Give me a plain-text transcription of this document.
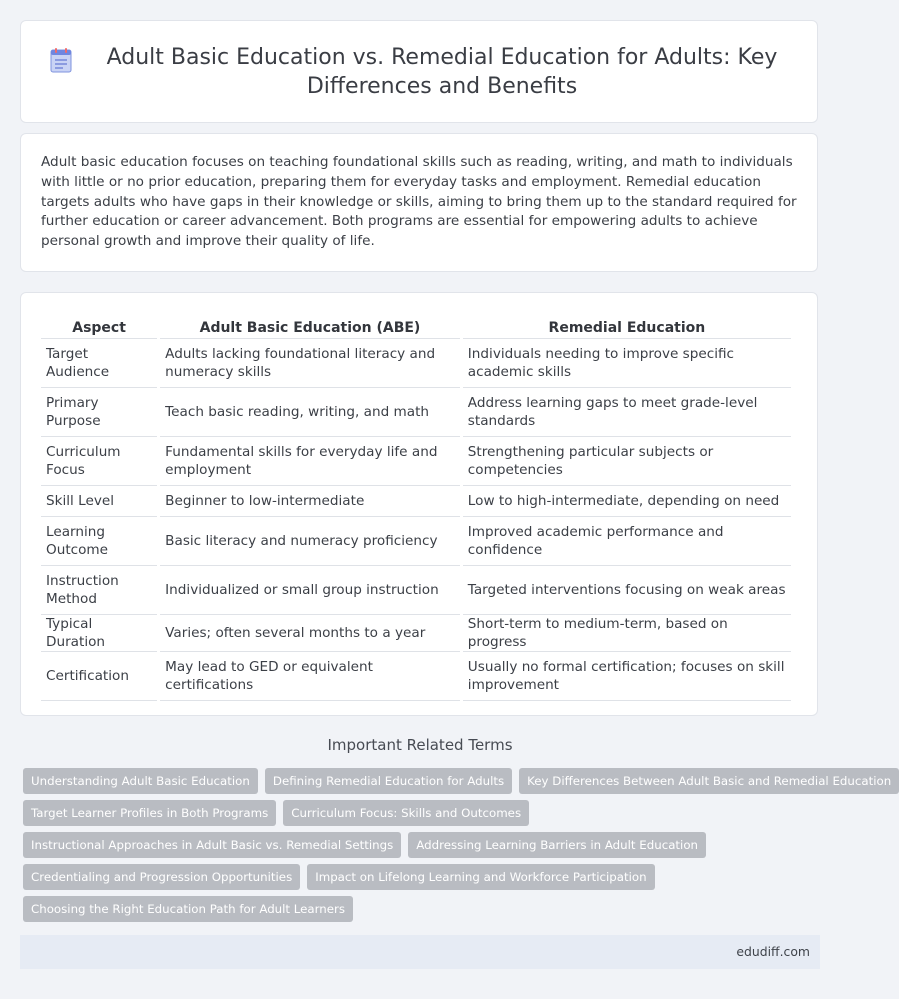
Adult Basic Education vs. Remedial Education for Adults: Key Differences and Benefits

Adult basic education focuses on teaching foundational skills such as reading, writing, and math to individuals with little or no prior education, preparing them for everyday tasks and employment. Remedial education targets adults who have gaps in their knowledge or skills, aiming to bring them up to the standard required for further education or career advancement. Both programs are essential for empowering adults to achieve personal growth and improve their quality of life.

Aspect	Adult Basic Education (ABE)	Remedial Education
Target Audience	Adults lacking foundational literacy and numeracy skills	Individuals needing to improve specific academic skills
Primary Purpose	Teach basic reading, writing, and math	Address learning gaps to meet grade-level standards
Curriculum Focus	Fundamental skills for everyday life and employment	Strengthening particular subjects or competencies
Skill Level	Beginner to low-intermediate	Low to high-intermediate, depending on need
Learning Outcome	Basic literacy and numeracy proficiency	Improved academic performance and confidence
Instruction Method	Individualized or small group instruction	Targeted interventions focusing on weak areas
Typical Duration	Varies; often several months to a year	Short-term to medium-term, based on progress
Certification	May lead to GED or equivalent certifications	Usually no formal certification; focuses on skill improvement
Important Related Terms
Understanding Adult Basic Education	Defining Remedial Education for Adults	Key Differences Between Adult Basic and Remedial Education
Target Learner Profiles in Both Programs	Curriculum Focus: Skills and Outcomes
Instructional Approaches in Adult Basic vs. Remedial Settings	Addressing Learning Barriers in Adult Education
Credentialing and Progression Opportunities	Impact on Lifelong Learning and Workforce Participation
Choosing the Right Education Path for Adult Learners
edudiff.com
